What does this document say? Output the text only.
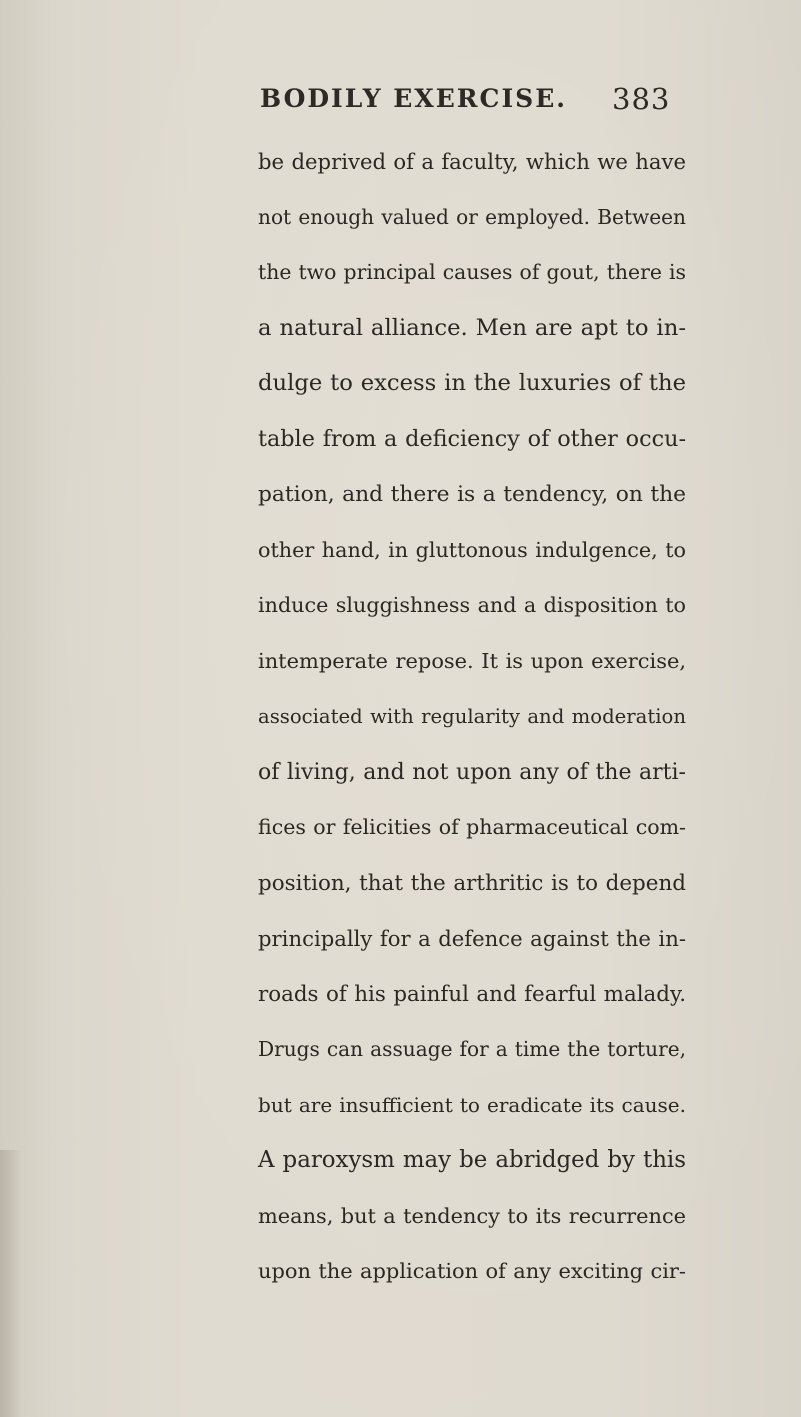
BODILY EXERCISE.	383
be deprived of a faculty, which we have
not enough valued or employed. Between
the two principal causes of gout, there is
a natural alliance. Men are apt to in-
dulge to excess in the luxuries of the
table from a deficiency of other occu-
pation, and there is a tendency, on the
other hand, in gluttonous indulgence, to
induce sluggishness and a disposition to
intemperate repose. It is upon exercise,
associated with regularity and moderation
of living, and not upon any of the arti-
fices or felicities of pharmaceutical com-
position, that the arthritic is to depend
principally for a defence against the in-
roads of his painful and fearful malady.
Drugs can assuage for a time the torture,
but are insufficient to eradicate its cause.
A paroxysm may be abridged by this
means, but a tendency to its recurrence
upon the application of any exciting cir-
